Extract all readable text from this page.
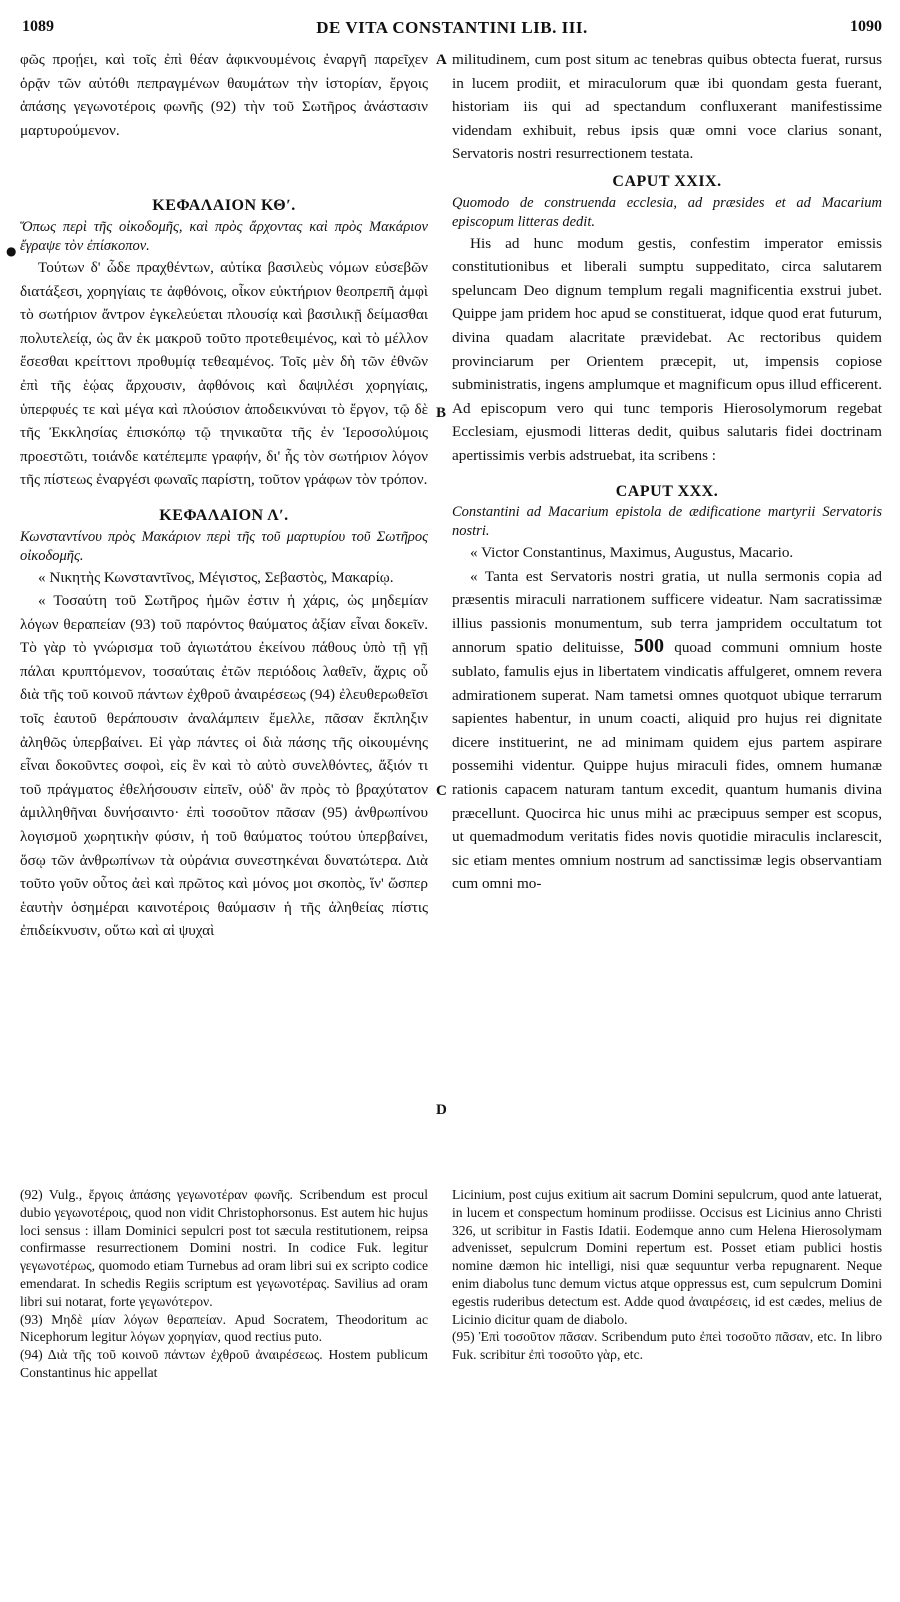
1089	DE VITA CONSTANTINI LIB. III.	1090
A
B
C
D
●

φῶς προῄει, καὶ τοῖς ἐπὶ θέαν ἀφικνουμένοις ἐναργῆ παρεῖχεν ὁρᾷν τῶν αὐτόθι πεπραγμένων θαυμάτων τὴν ἱστορίαν, ἔργοις ἁπάσης γεγωνοτέροις φωνῆς (92) τὴν τοῦ Σωτῆρος ἀνάστασιν μαρτυρούμενον.

ΚΕΦΑΛΑΙΟΝ ΚΘʹ.

Ὅπως περὶ τῆς οἰκοδομῆς, καὶ πρὸς ἄρχοντας καὶ πρὸς Μακάριον ἔγραψε τὸν ἐπίσκοπον.

Τούτων δ' ὧδε πραχθέντων, αὐτίκα βασιλεὺς νόμων εὐσεβῶν διατάξεσι, χορηγίαις τε ἀφθόνοις, οἶκον εὐκτήριον θεοπρεπῆ ἀμφὶ τὸ σωτήριον ἄντρον ἐγκελεύεται πλουσίᾳ καὶ βασιλικῇ δείμασθαι πολυτελείᾳ, ὡς ἂν ἐκ μακροῦ τοῦτο προτεθειμένος, καὶ τὸ μέλλον ἔσεσθαι κρείττονι προθυμίᾳ τεθεαμένος. Τοῖς μὲν δὴ τῶν ἐθνῶν ἐπὶ τῆς ἑῴας ἄρχουσιν, ἀφθόνοις καὶ δαψιλέσι χορηγίαις, ὑπερφυές τε καὶ μέγα καὶ πλούσιον ἀποδεικνύναι τὸ ἔργον, τῷ δὲ τῆς Ἐκκλησίας ἐπισκόπῳ τῷ τηνικαῦτα τῆς ἐν Ἱεροσολύμοις προεστῶτι, τοιάνδε κατέπεμπε γραφήν, δι' ἧς τὸν σωτήριον λόγον τῆς πίστεως ἐναργέσι φωναῖς παρίστη, τοῦτον γράφων τὸν τρόπον.

ΚΕΦΑΛΑΙΟΝ Λʹ.

Κωνσταντίνου πρὸς Μακάριον περὶ τῆς τοῦ μαρτυρίου τοῦ Σωτῆρος οἰκοδομῆς.

« Νικητὴς Κωνσταντῖνος, Μέγιστος, Σεβαστὸς, Μακαρίῳ.

« Τοσαύτη τοῦ Σωτῆρος ἡμῶν ἐστιν ἡ χάρις, ὡς μηδεμίαν λόγων θεραπείαν (93) τοῦ παρόντος θαύματος ἀξίαν εἶναι δοκεῖν. Τὸ γὰρ τὸ γνώρισμα τοῦ ἁγιωτάτου ἐκείνου πάθους ὑπὸ τῇ γῇ πάλαι κρυπτόμενον, τοσαύταις ἐτῶν περιόδοις λαθεῖν, ἄχρις οὗ διὰ τῆς τοῦ κοινοῦ πάντων ἐχθροῦ ἀναιρέσεως (94) ἐλευθερωθεῖσι τοῖς ἑαυτοῦ θεράπουσιν ἀναλάμπειν ἔμελλε, πᾶσαν ἔκπληξιν ἀληθῶς ὑπερβαίνει. Εἰ γὰρ πάντες οἱ διὰ πάσης τῆς οἰκουμένης εἶναι δοκοῦντες σοφοὶ, εἰς ἓν καὶ τὸ αὐτὸ συνελθόντες, ἄξιόν τι τοῦ πράγματος ἐθελήσουσιν εἰπεῖν, οὐδ' ἂν πρὸς τὸ βραχύτατον ἁμιλληθῆναι δυνήσαιντο· ἐπὶ τοσοῦτον πᾶσαν (95) ἀνθρωπίνου λογισμοῦ χωρητικὴν φύσιν, ἡ τοῦ θαύματος τούτου ὑπερβαίνει, ὅσῳ τῶν ἀνθρωπίνων τὰ οὐράνια συνεστηκέναι δυνατώτερα. Διὰ τοῦτο γοῦν οὗτος ἀεὶ καὶ πρῶτος καὶ μόνος μοι σκοπὸς, ἵν' ὥσπερ ἑαυτὴν ὁσημέραι καινοτέροις θαύμασιν ἡ τῆς ἀληθείας πίστις ἐπιδείκνυσιν, οὕτω καὶ αἱ ψυχαὶ

militudinem, cum post situm ac tenebras quibus obtecta fuerat, rursus in lucem prodiit, et miraculorum quæ ibi quondam gesta fuerant, historiam iis qui ad spectandum confluxerant manifestissime videndam exhibuit, rebus ipsis quæ omni voce clarius sonant, Servatoris nostri resurrectionem testata.

CAPUT XXIX.

Quomodo de construenda ecclesia, ad præsides et ad Macarium episcopum litteras dedit.

His ad hunc modum gestis, confestim imperator emissis constitutionibus et liberali sumptu suppeditato, circa salutarem speluncam Deo dignum templum regali magnificentia exstrui jubet. Quippe jam pridem hoc apud se constituerat, idque quod erat futurum, divina quadam alacritate prævidebat. Ac rectoribus quidem provinciarum per Orientem præcepit, ut, impensis copiose subministratis, ingens amplumque et magnificum opus illud efficerent. Ad episcopum vero qui tunc temporis Hierosolymorum regebat Ecclesiam, ejusmodi litteras dedit, quibus salutaris fidei doctrinam apertissimis verbis adstruebat, ita scribens :

CAPUT XXX.

Constantini ad Macarium epistola de ædificatione martyrii Servatoris nostri.

« Victor Constantinus, Maximus, Augustus, Macario.

« Tanta est Servatoris nostri gratia, ut nulla sermonis copia ad præsentis miraculi narrationem sufficere videatur. Nam sacratissimæ illius passionis monumentum, sub terra jampridem occultatum tot annorum spatio delituisse, 500 quoad communi omnium hoste sublato, famulis ejus in libertatem vindicatis affulgeret, omnem revera admirationem superat. Nam tametsi omnes quotquot ubique terrarum sapientes habentur, in unum coacti, aliquid pro hujus rei dignitate dicere instituerint, ne ad minimam quidem ejus partem aspirare possemihi videntur. Quippe hujus miraculi fides, omnem humanæ rationis capacem naturam tantum excedit, quantum humanis divina præcellunt. Quocirca hic unus mihi ac præcipuus semper est scopus, ut quemadmodum veritatis fides novis quotidie miraculis inclarescit, sic etiam mentes omnium nostrum ad sanctissimæ legis observantiam cum omni mo-

(92) Vulg., ἔργοις ἁπάσης γεγωνοτέραν φωνῆς. Scribendum est procul dubio γεγωνοτέροις, quod non vidit Christophorsonus. Est autem hic hujus loci sensus : illam Dominici sepulcri post tot sæcula restitutionem, reipsa confirmasse resurrectionem Domini nostri. In codice Fuk. legitur γεγωνοτέρως, quomodo etiam Turnebus ad oram libri sui ex scripto codice emendarat. In schedis Regiis scriptum est γεγωνοτέρας. Savilius ad oram libri sui notarat, forte γεγωνότερον.

(93) Μηδὲ μίαν λόγων θεραπείαν. Apud Socratem, Theodoritum ac Nicephorum legitur λόγων χορηγίαν, quod rectius puto.

(94) Διὰ τῆς τοῦ κοινοῦ πάντων ἐχθροῦ ἀναιρέσεως. Hostem publicum Constantinus hic appellat

Licinium, post cujus exitium ait sacrum Domini sepulcrum, quod ante latuerat, in lucem et conspectum hominum prodiisse. Occisus est Licinius anno Christi 326, ut scribitur in Fastis Idatii. Eodemque anno cum Helena Hierosolymam advenisset, sepulcrum Domini repertum est. Posset etiam publici hostis nomine dæmon hic intelligi, nisi quæ sequuntur verba repugnarent. Neque enim diabolus tunc demum victus atque oppressus est, cum sepulcrum Domini egestis ruderibus detectum est. Adde quod ἀναιρέσεις, id est cædes, melius de Licinio dicitur quam de diabolo.

(95) Ἐπὶ τοσοῦτον πᾶσαν. Scribendum puto ἐπεὶ τοσοῦτο πᾶσαν, etc. In libro Fuk. scribitur ἐπὶ τοσοῦτο γὰρ, etc.
